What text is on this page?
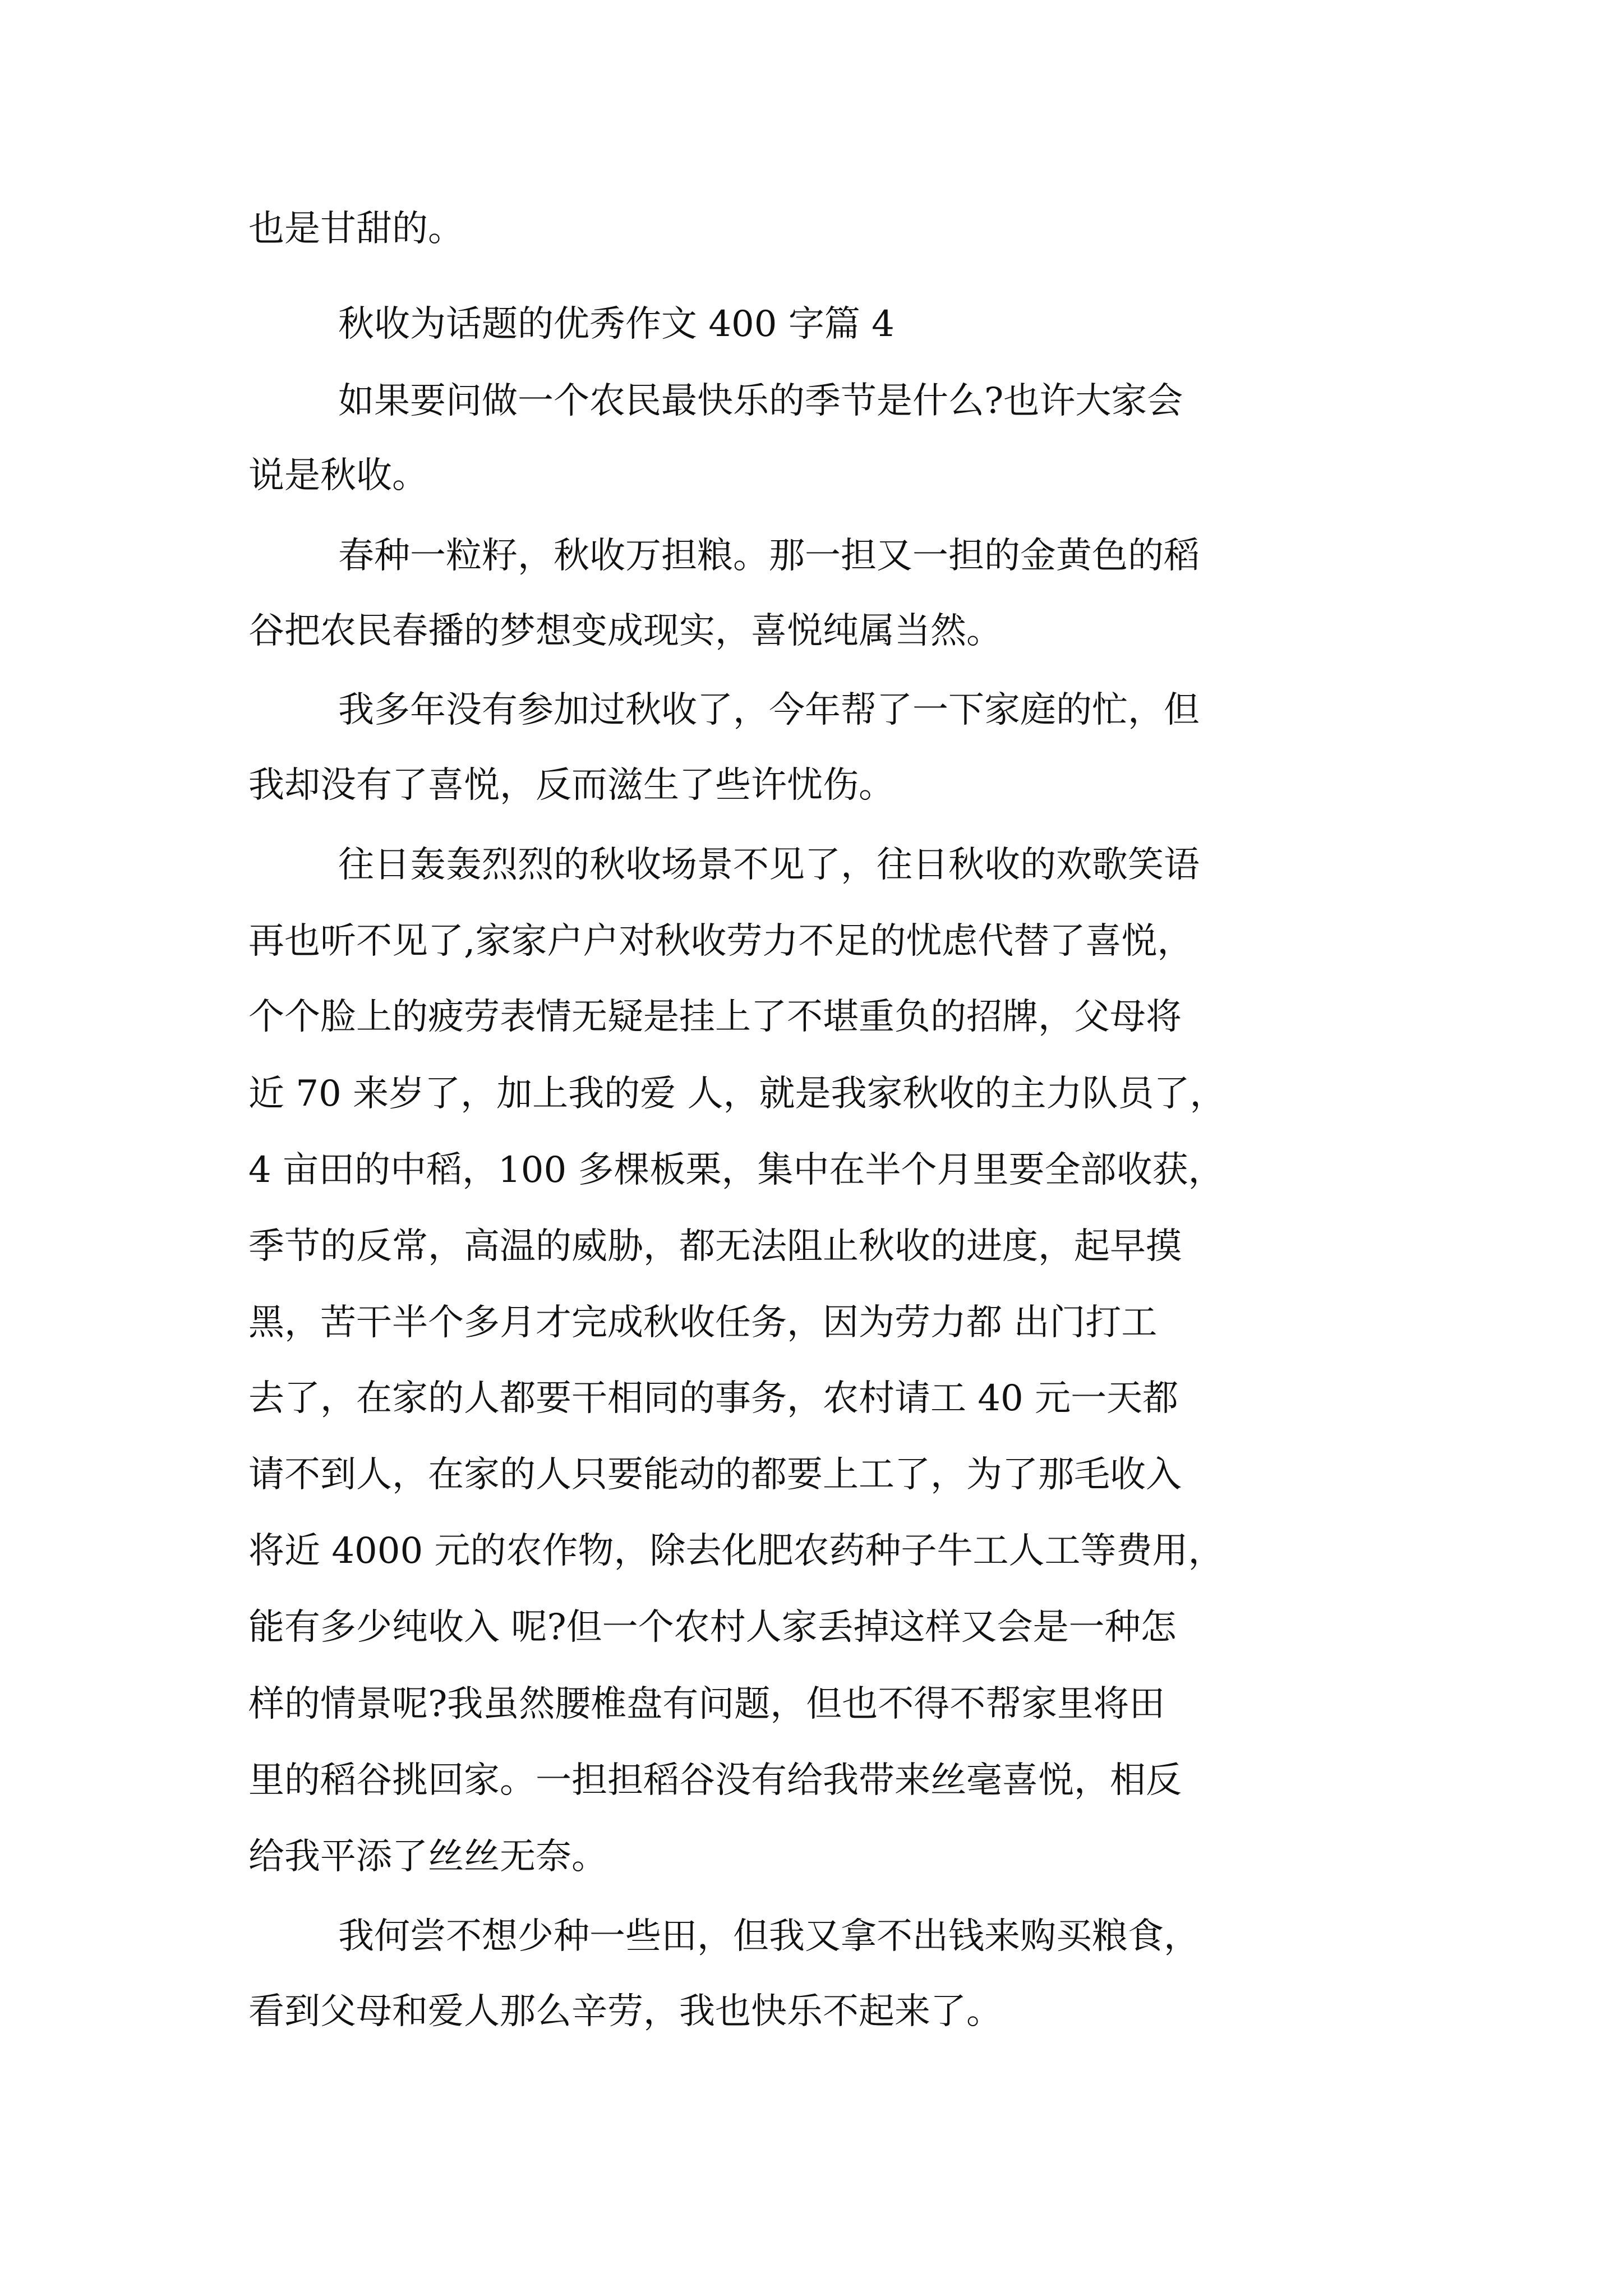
也是甘甜的。

秋收为话题的优秀作文 400 字篇 4

如果要问做一个农民最快乐的季节是什么?也许大家会

说是秋收。

春种一粒籽，秋收万担粮。那一担又一担的金黄色的稻

谷把农民春播的梦想变成现实，喜悦纯属当然。

我多年没有参加过秋收了，今年帮了一下家庭的忙，但

我却没有了喜悦，反而滋生了些许忧伤。

往日轰轰烈烈的秋收场景不见了，往日秋收的欢歌笑语

再也听不见了,家家户户对秋收劳力不足的忧虑代替了喜悦，

个个脸上的疲劳表情无疑是挂上了不堪重负的招牌，父母将

近 70 来岁了，加上我的爱 人，就是我家秋收的主力队员了，

4 亩田的中稻，100 多棵板栗，集中在半个月里要全部收获，

季节的反常，高温的威胁，都无法阻止秋收的进度，起早摸

黑，苦干半个多月才完成秋收任务，因为劳力都 出门打工

去了，在家的人都要干相同的事务，农村请工 40 元一天都

请不到人，在家的人只要能动的都要上工了，为了那毛收入

将近 4000 元的农作物，除去化肥农药种子牛工人工等费用，

能有多少纯收入 呢?但一个农村人家丢掉这样又会是一种怎

样的情景呢?我虽然腰椎盘有问题，但也不得不帮家里将田

里的稻谷挑回家。一担担稻谷没有给我带来丝毫喜悦，相反

给我平添了丝丝无奈。

我何尝不想少种一些田，但我又拿不出钱来购买粮食，

看到父母和爱人那么辛劳，我也快乐不起来了。
